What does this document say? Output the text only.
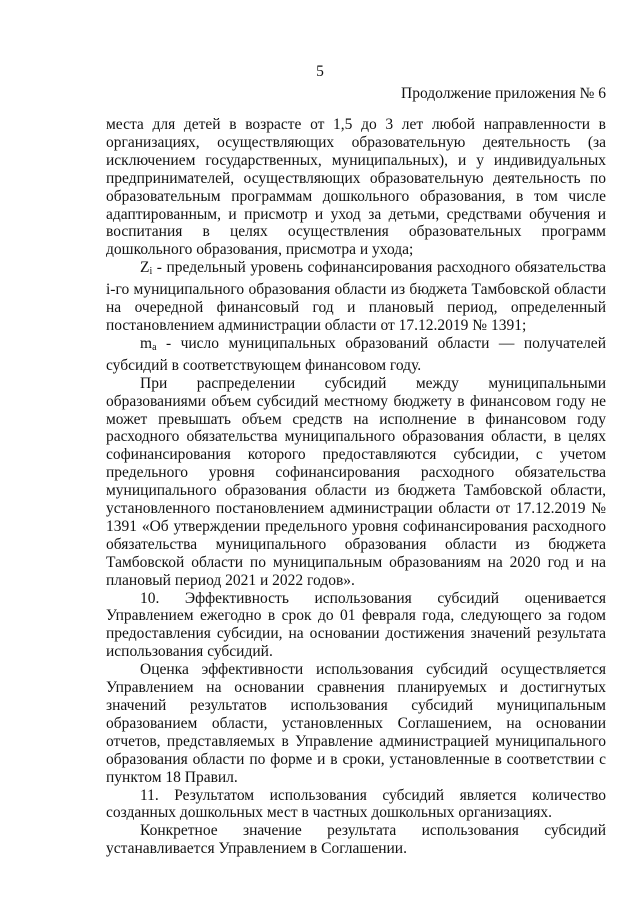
5
Продолжение приложения № 6

места для детей в возрасте от 1,5 до 3 лет любой направленности в организациях, осуществляющих образовательную деятельность (за исключением государственных, муниципальных), и у индивидуальных предпринимателей, осуществляющих образовательную деятельность по образовательным программам дошкольного образования, в том числе адаптированным, и присмотр и уход за детьми, средствами обучения и воспитания в целях осуществления образовательных программ дошкольного образования, присмотра и ухода;

$Z_i$ - предельный уровень софинансирования расходного обязательства i-го муниципального образования области из бюджета Тамбовской области на очередной финансовый год и плановый период, определенный постановлением администрации области от 17.12.2019 № 1391;

$m_a$ - число муниципальных образований области — получателей субсидий в соответствующем финансовом году.

При распределении субсидий между муниципальными образованиями объем субсидий местному бюджету в финансовом году не может превышать объем средств на исполнение в финансовом году расходного обязательства муниципального образования области, в целях софинансирования которого предоставляются субсидии, с учетом предельного уровня софинансирования расходного обязательства муниципального образования области из бюджета Тамбовской области, установленного постановлением администрации области от 17.12.2019 № 1391 «Об утверждении предельного уровня софинансирования расходного обязательства муниципального образования области из бюджета Тамбовской области по муниципальным образованиям на 2020 год и на плановый период 2021 и 2022 годов».

10. Эффективность использования субсидий оценивается Управлением ежегодно в срок до 01 февраля года, следующего за годом предоставления субсидии, на основании достижения значений результата использования субсидий.

Оценка эффективности использования субсидий осуществляется Управлением на основании сравнения планируемых и достигнутых значений результатов использования субсидий муниципальным образованием области, установленных Соглашением, на основании отчетов, представляемых в Управление администрацией муниципального образования области по форме и в сроки, установленные в соответствии с пунктом 18 Правил.

11. Результатом использования субсидий является количество созданных дошкольных мест в частных дошкольных организациях.

Конкретное значение результата использования субсидий устанавливается Управлением в Соглашении.
